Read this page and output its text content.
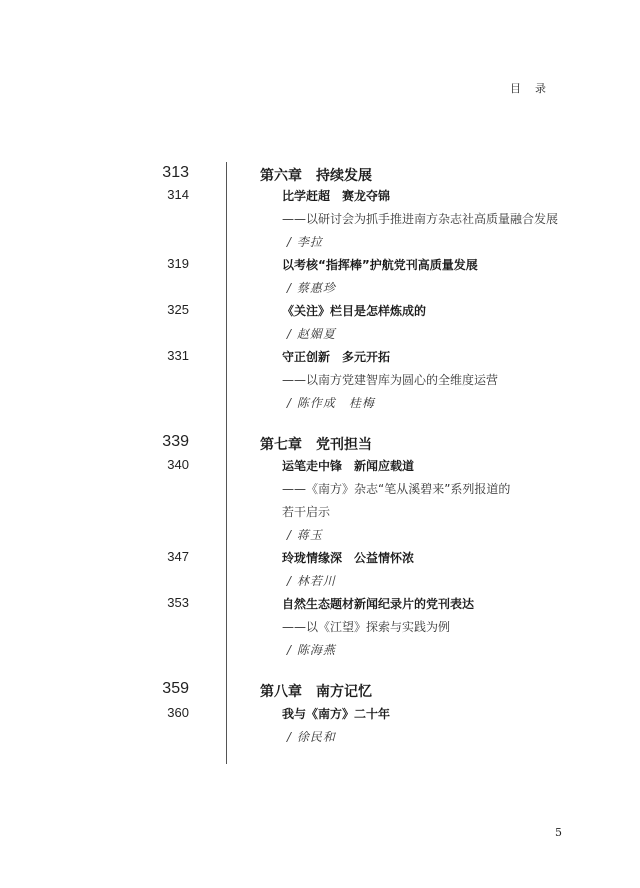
目录
313	第六章　持续发展
314	比学赶超　赛龙夺锦
——以研讨会为抓手推进南方杂志社高质量融合发展
/ 李拉
319	以考核“指挥棒”护航党刊高质量发展
/ 蔡惠珍
325	《关注》栏目是怎样炼成的
/ 赵媚夏
331	守正创新　多元开拓
——以南方党建智库为圆心的全维度运营
/ 陈作成　桂梅
339	第七章　党刊担当
340	运笔走中锋　新闻应载道
——《南方》杂志“笔从溪碧来”系列报道的
若干启示
/ 蒋玉
347	玲珑情缘深　公益情怀浓
/ 林若川
353	自然生态题材新闻纪录片的党刊表达
——以《江望》探索与实践为例
/ 陈海燕
359	第八章　南方记忆
360	我与《南方》二十年
/ 徐民和
5
